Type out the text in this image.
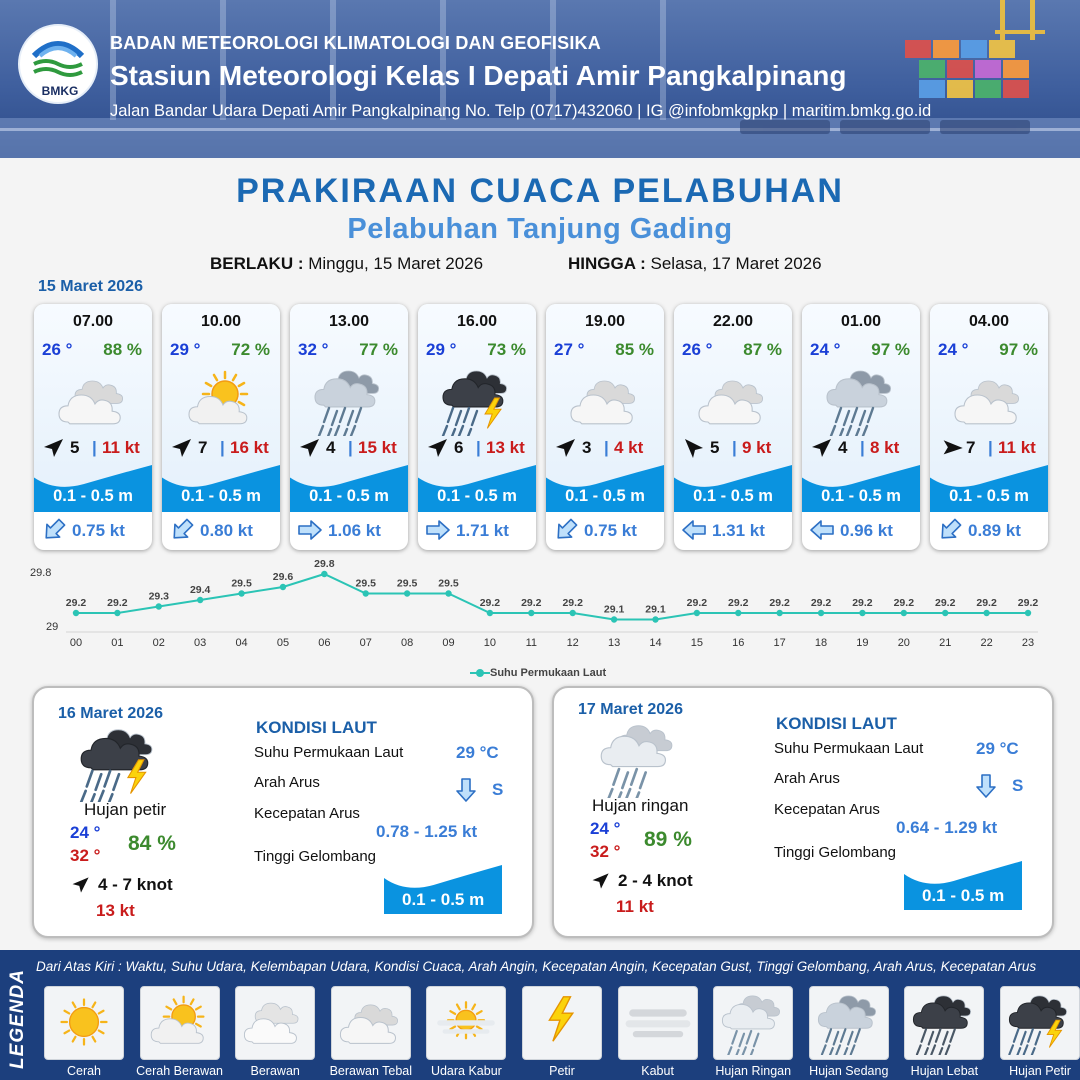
BMKG
BADAN METEOROLOGI KLIMATOLOGI DAN GEOFISIKA
Stasiun Meteorologi Kelas I Depati Amir Pangkalpinang
Jalan Bandar Udara Depati Amir Pangkalpinang No. Telp (0717)432060 | IG @infobmkgpkp | maritim.bmkg.go.id
PRAKIRAAN CUACA PELABUHAN
Pelabuhan Tanjung Gading
BERLAKU : Minggu, 15 Maret 2026	HINGGA : Selasa, 17 Maret 2026
15 Maret 2026
07.00
26 ° 88 %
5 | 11 kt
0.1 - 0.5 m
0.75 kt
10.00
29 ° 72 %
7 | 16 kt
0.1 - 0.5 m
0.80 kt
13.00
32 ° 77 %
4 | 15 kt
0.1 - 0.5 m
1.06 kt
16.00
29 ° 73 %
6 | 13 kt
0.1 - 0.5 m
1.71 kt
19.00
27 ° 85 %
3 | 4 kt
0.1 - 0.5 m
0.75 kt
22.00
26 ° 87 %
5 | 9 kt
0.1 - 0.5 m
1.31 kt
01.00
24 ° 97 %
4 | 8 kt
0.1 - 0.5 m
0.96 kt
04.00
24 ° 97 %
7 | 11 kt
0.1 - 0.5 m
0.89 kt
29.8
29
29.2
00
29.2
01
29.3
02
29.4
03
29.5
04
29.6
05
29.8
06
29.5
07
29.5
08
29.5
09
29.2
10
29.2
11
29.2
12
29.1
13
29.1
14
29.2
15
29.2
16
29.2
17
29.2
18
29.2
19
29.2
20
29.2
21
29.2
22
29.2
23
Suhu Permukaan Laut
16 Maret 2026
Hujan petir
24 °
32 °
84 %
4 - 7 knot
13 kt
KONDISI LAUT
Suhu Permukaan Laut	29 °C
Arah Arus	S
Kecepatan Arus
0.78 - 1.25 kt
Tinggi Gelombang
0.1 - 0.5 m
17 Maret 2026
Hujan ringan
24 °
32 °
89 %
2 - 4 knot
11 kt
KONDISI LAUT
Suhu Permukaan Laut	29 °C
Arah Arus	S
Kecepatan Arus
0.64 - 1.29 kt
Tinggi Gelombang
0.1 - 0.5 m
LEGENDA
Dari Atas Kiri : Waktu, Suhu Udara, Kelembapan Udara, Kondisi Cuaca, Arah Angin, Kecepatan Angin, Kecepatan Gust, Tinggi Gelombang, Arah Arus, Kecepatan Arus
Cerah	Cerah Berawan	Berawan	Berawan Tebal	Udara Kabur	Petir	Kabut	Hujan Ringan	Hujan Sedang	Hujan Lebat	Hujan Petir
